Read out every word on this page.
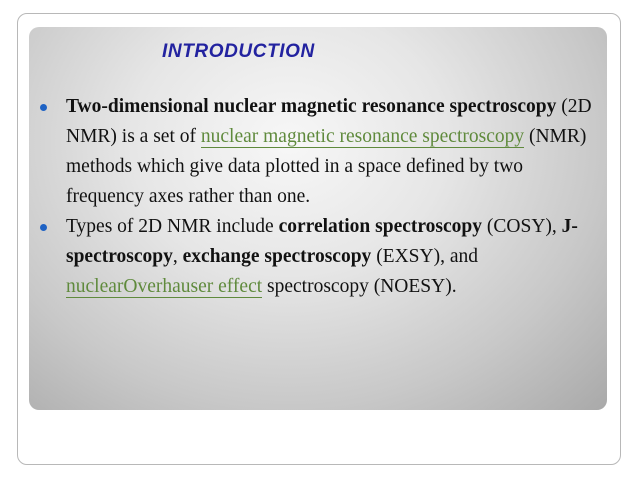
INTRODUCTION
Two-dimensional nuclear magnetic resonance spectroscopy (2D NMR) is a set of nuclear magnetic resonance spectroscopy (NMR) methods which give data plotted in a space defined by two frequency axes rather than one.
Types of 2D NMR include correlation spectroscopy (COSY), J-spectroscopy, exchange spectroscopy (EXSY), and nuclearOverhauser effect spectroscopy (NOESY).
